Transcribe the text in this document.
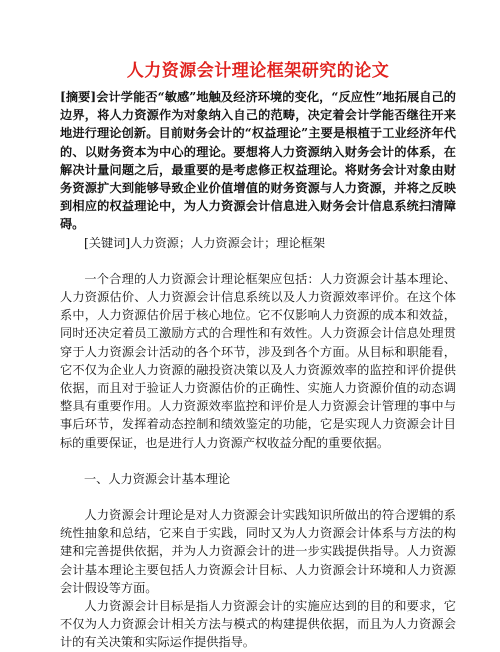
人力资源会计理论框架研究的论文

[摘要]会计学能否“敏感”地触及经济环境的变化，“反应性”地拓展自己的边界，将人力资源作为对象纳入自己的范畴，决定着会计学能否继往开来地进行理论创新。目前财务会计的“权益理论”主要是根植于工业经济年代的、以财务资本为中心的理论。要想将人力资源纳入财务会计的体系，在解决计量问题之后，最重要的是考虑修正权益理论。将财务会计对象由财务资源扩大到能够导致企业价值增值的财务资源与人力资源，并将之反映到相应的权益理论中，为人力资源会计信息进入财务会计信息系统扫清障碍。

[关键词]人力资源；人力资源会计；理论框架

一个合理的人力资源会计理论框架应包括：人力资源会计基本理论、人力资源估价、人力资源会计信息系统以及人力资源效率评价。在这个体系中，人力资源估价居于核心地位。它不仅影响人力资源的成本和效益，同时还决定着员工激励方式的合理性和有效性。人力资源会计信息处理贯穿于人力资源会计活动的各个环节，涉及到各个方面。从目标和职能看，它不仅为企业人力资源的融投资决策以及人力资源效率的监控和评价提供依据，而且对于验证人力资源估价的正确性、实施人力资源价值的动态调整具有重要作用。人力资源效率监控和评价是人力资源会计管理的事中与事后环节，发挥着动态控制和绩效鉴定的功能，它是实现人力资源会计目标的重要保证，也是进行人力资源产权收益分配的重要依据。

一、人力资源会计基本理论

人力资源会计理论是对人力资源会计实践知识所做出的符合逻辑的系统性抽象和总结，它来自于实践，同时又为人力资源会计体系与方法的构建和完善提供依据，并为人力资源会计的进一步实践提供指导。人力资源会计基本理论主要包括人力资源会计目标、人力资源会计环境和人力资源会计假设等方面。

人力资源会计目标是指人力资源会计的实施应达到的目的和要求，它不仅为人力资源会计相关方法与模式的构建提供依据，而且为人力资源会计的有关决策和实际运作提供指导。
